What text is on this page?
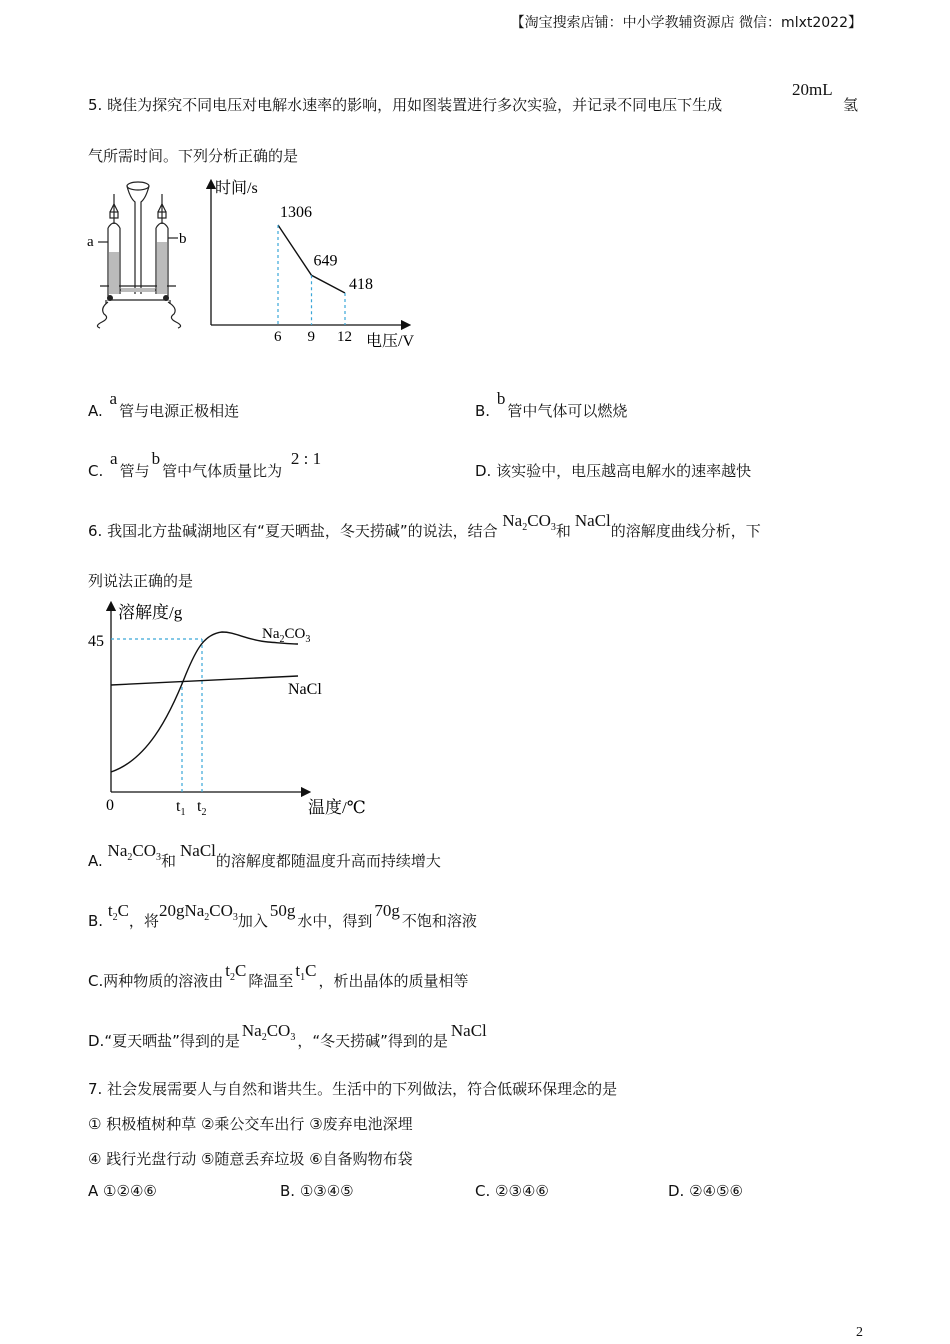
【淘宝搜索店铺：中小学教辅资源店 微信：mlxt2022】
5. 晓佳为探究不同电压对电解水速率的影响，用如图装置进行多次实验，并记录不同电压下生成
20mL
氢
气所需时间。下列分析正确的是
a	b
时间/s
电压/V
6
1306
9
649
12
418
A. a管与电源正极相连	B. b管中气体可以燃烧
C. a管与b管中气体质量比为 2 : 1
D. 该实验中，电压越高电解水的速率越快
6. 我国北方盐碱湖地区有“夏天晒盐，冬天捞碱”的说法，结合 $Na_2CO_3$和NaCl的溶解度曲线分析，下
列说法正确的是
溶解度/g
温度/℃
0
45	$Na_2CO_3$
NaCl
$t_1$ $t_2$
A. $Na_2CO_3$和NaCl的溶解度都随温度升高而持续增大
B. $t_2C$，将$20gNa_2CO_3$加入50g水中，得到70g不饱和溶液
C.两种物质的溶液由$t_2C$降温至$t_1C$，析出晶体的质量相等
D.“夏天晒盐”得到的是$Na_2CO_3$ ，“冬天捞碱”得到的是NaCl
7. 社会发展需要人与自然和谐共生。生活中的下列做法，符合低碳环保理念的是
① 积极植树种草 ②乘公交车出行 ③废弃电池深埋
④ 践行光盘行动 ⑤随意丢弃垃圾 ⑥自备购物布袋
A ①②④⑥	B. ①③④⑤	C. ②③④⑥	D. ②④⑤⑥
2
